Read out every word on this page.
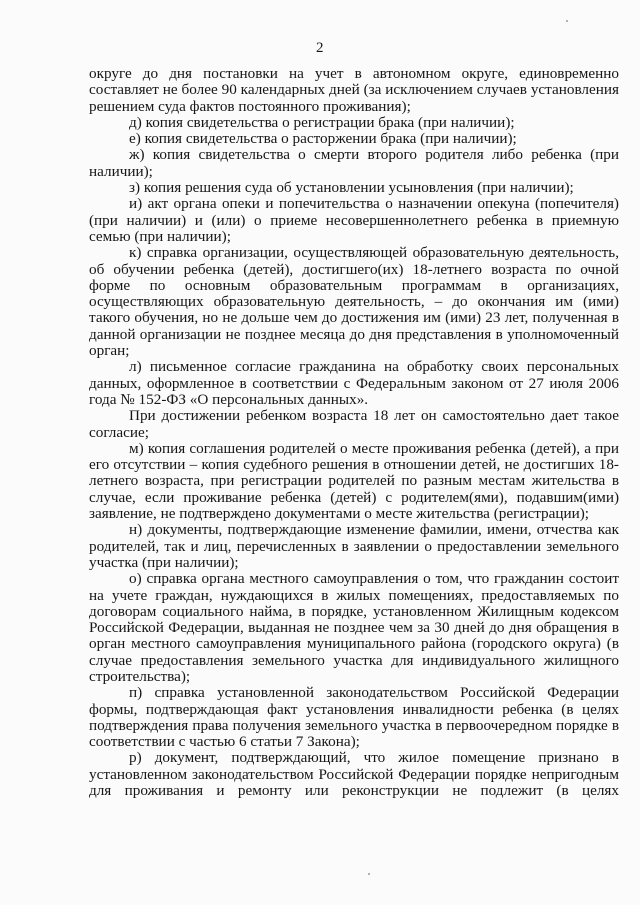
2

округе до дня постановки на учет в автономном округе, единовременно составляет не более 90 календарных дней (за исключением случаев установления решением суда фактов постоянного проживания);

д) копия свидетельства о регистрации брака (при наличии);

е) копия свидетельства о расторжении брака (при наличии);

ж) копия свидетельства о смерти второго родителя либо ребенка (при наличии);

з) копия решения суда об установлении усыновления (при наличии);

и) акт органа опеки и попечительства о назначении опекуна (попечителя) (при наличии) и (или) о приеме несовершеннолетнего ребенка в приемную семью (при наличии);

к) справка организации, осуществляющей образовательную деятельность, об обучении ребенка (детей), достигшего(их) 18-летнего возраста по очной форме по основным образовательным программам в организациях, осуществляющих образовательную деятельность, – до окончания им (ими) такого обучения, но не дольше чем до достижения им (ими) 23 лет, полученная в данной организации не позднее месяца до дня представления в уполномоченный орган;

л) письменное согласие гражданина на обработку своих персональных данных, оформленное в соответствии с Федеральным законом от 27 июля 2006 года № 152-ФЗ «О персональных данных».

При достижении ребенком возраста 18 лет он самостоятельно дает такое согласие;

м) копия соглашения родителей о месте проживания ребенка (детей), а при его отсутствии – копия судебного решения в отношении детей, не достигших 18-летнего возраста, при регистрации родителей по разным местам жительства в случае, если проживание ребенка (детей) с родителем(ями), подавшим(ими) заявление, не подтверждено документами о месте жительства (регистрации);

н) документы, подтверждающие изменение фамилии, имени, отчества как родителей, так и лиц, перечисленных в заявлении о предоставлении земельного участка (при наличии);

о) справка органа местного самоуправления о том, что гражданин состоит на учете граждан, нуждающихся в жилых помещениях, предоставляемых по договорам социального найма, в порядке, установленном Жилищным кодексом Российской Федерации, выданная не позднее чем за 30 дней до дня обращения в орган местного самоуправления муниципального района (городского округа) (в случае предоставления земельного участка для индивидуального жилищного строительства);

п) справка установленной законодательством Российской Федерации формы, подтверждающая факт установления инвалидности ребенка (в целях подтверждения права получения земельного участка в первоочередном порядке в соответствии с частью 6 статьи 7 Закона);

р) документ, подтверждающий, что жилое помещение признано в установленном законодательством Российской Федерации порядке непригодным для проживания и ремонту или реконструкции не подлежит (в целях
